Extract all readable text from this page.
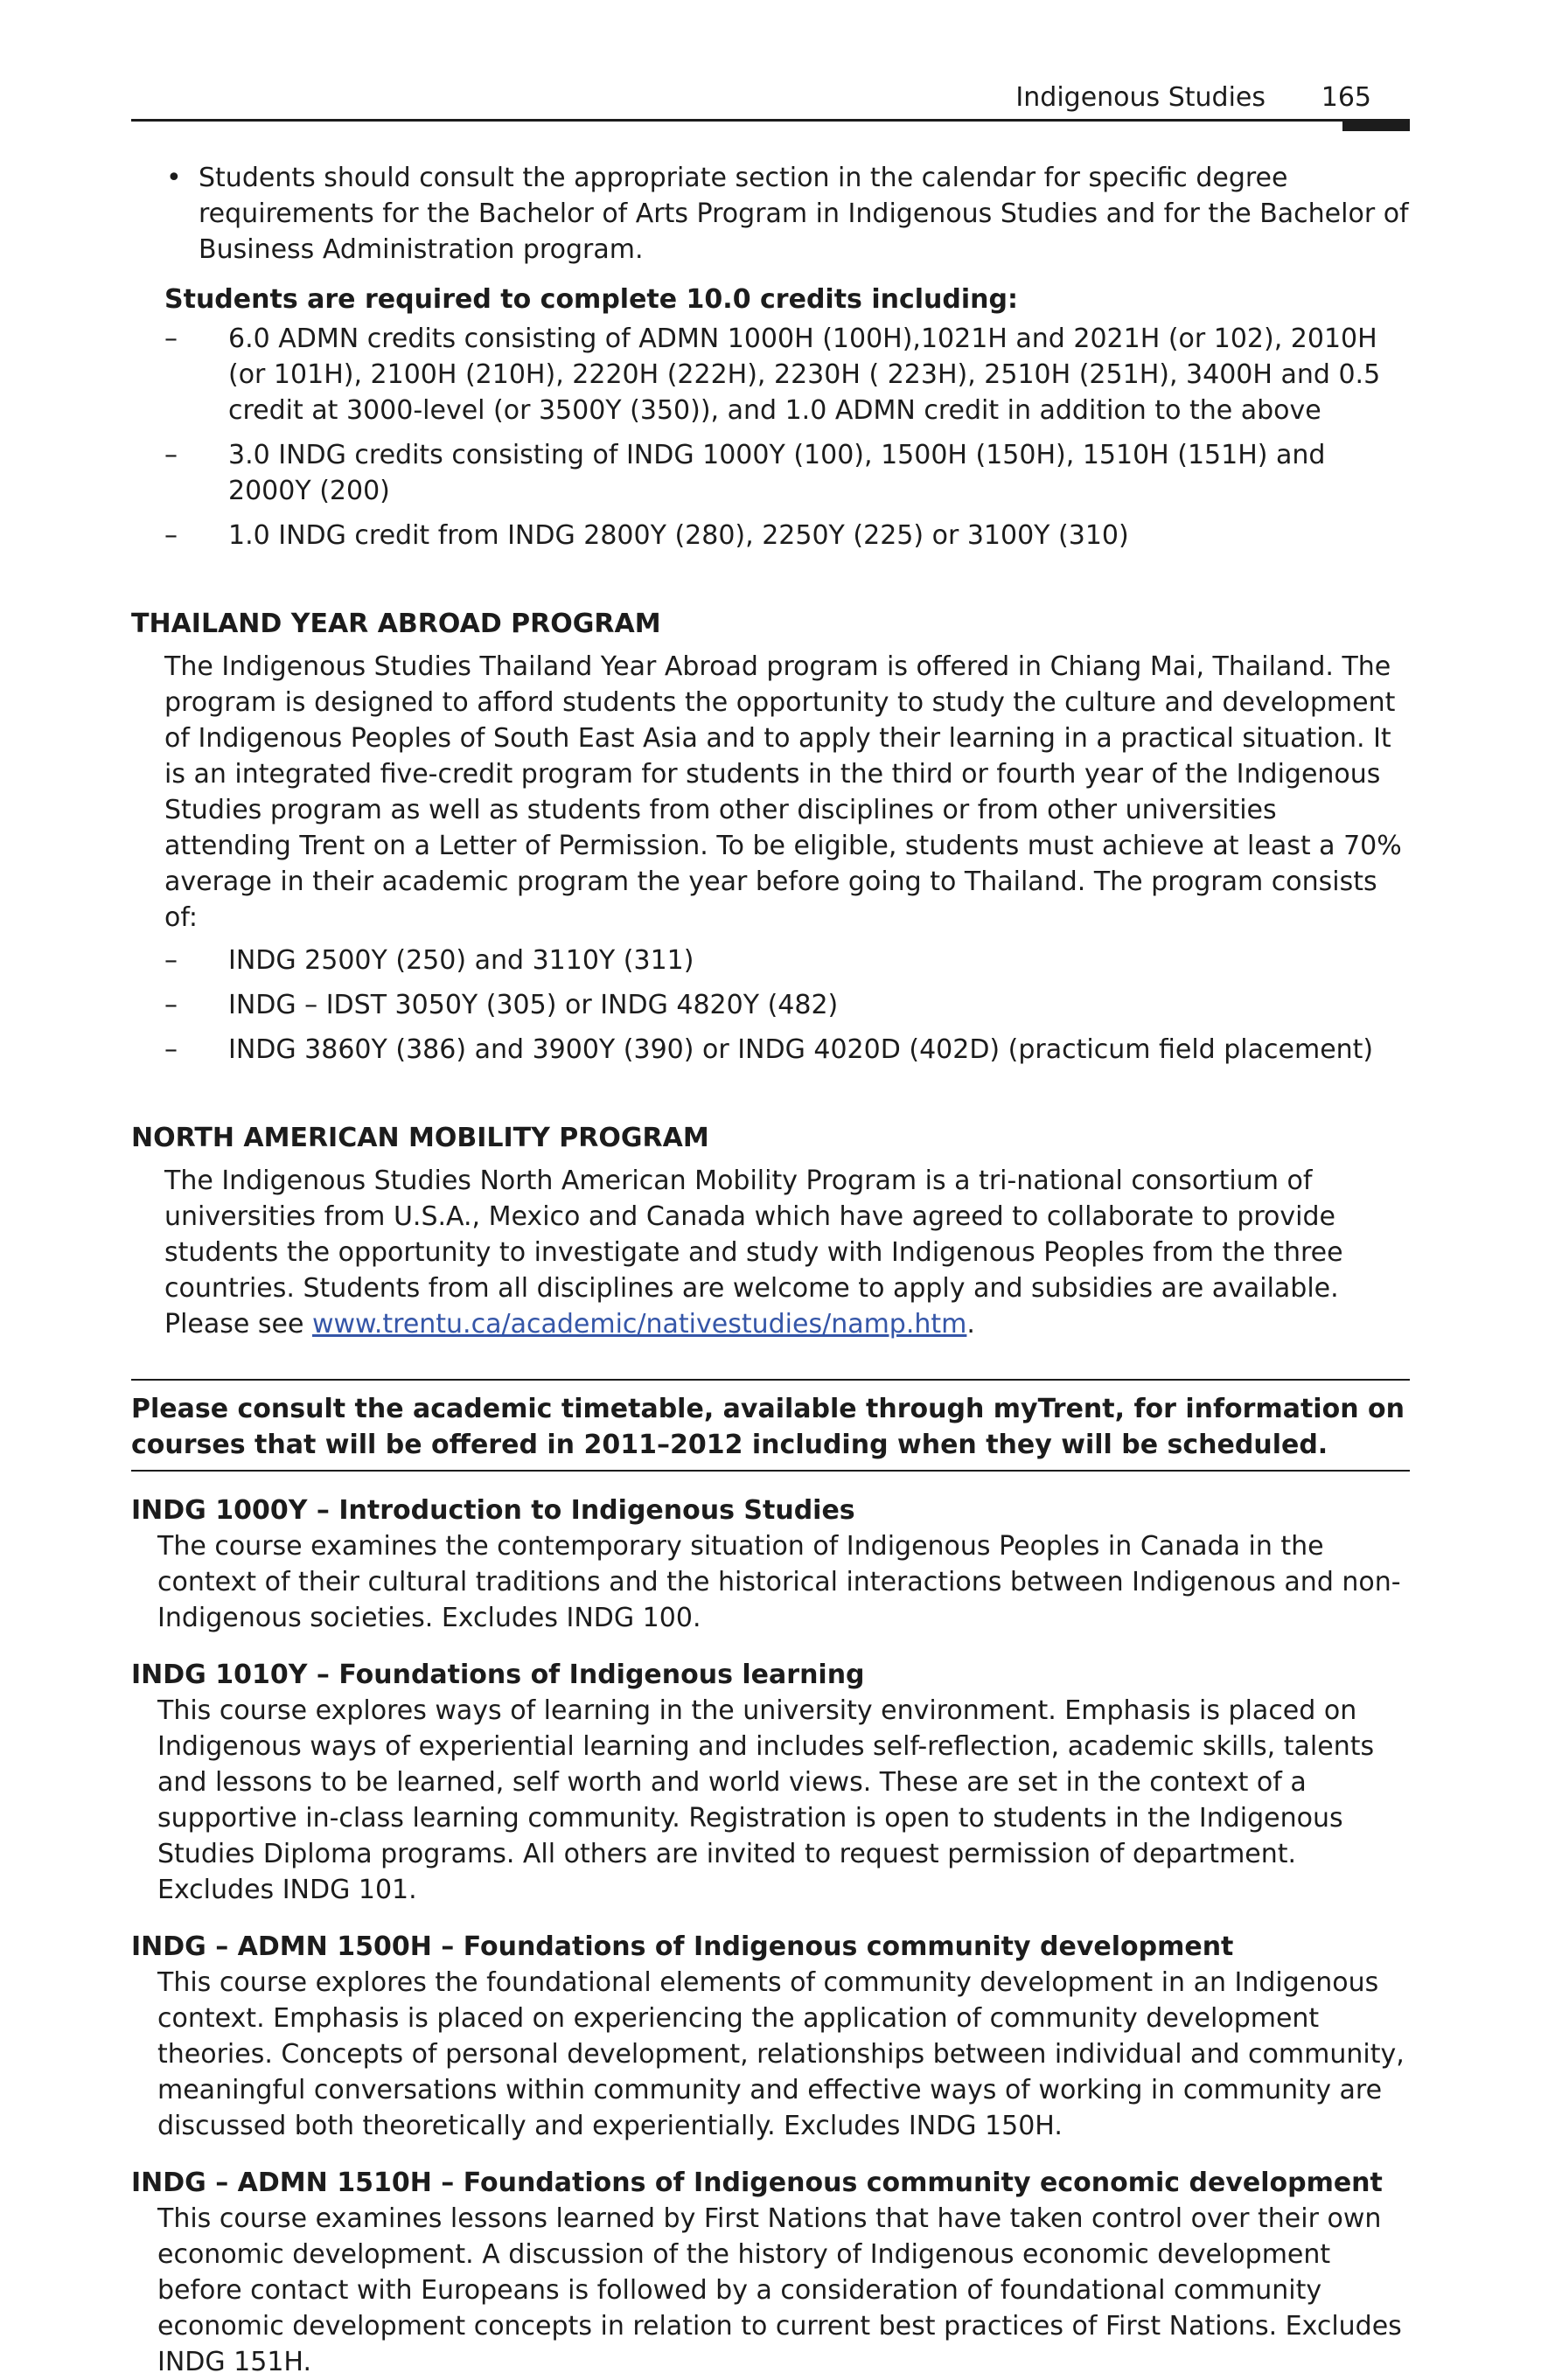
Indigenous Studies 165
• Students should consult the appropriate section in the calendar for specific degree requirements for the Bachelor of Arts Program in Indigenous Studies and for the Bachelor of Business Administration program.

Students are required to complete 10.0 credits including:

– 6.0 ADMN credits consisting of ADMN 1000H (100H),1021H and 2021H (or 102), 2010H (or 101H), 2100H (210H), 2220H (222H), 2230H ( 223H), 2510H (251H), 3400H and 0.5 credit at 3000-level (or 3500Y (350)), and 1.0 ADMN credit in addition to the above
– 3.0 INDG credits consisting of INDG 1000Y (100), 1500H (150H), 1510H (151H) and 2000Y (200)
– 1.0 INDG credit from INDG 2800Y (280), 2250Y (225) or 3100Y (310)
THAILAND YEAR ABROAD PROGRAM

The Indigenous Studies Thailand Year Abroad program is offered in Chiang Mai, Thailand. The program is designed to afford students the opportunity to study the culture and development of Indigenous Peoples of South East Asia and to apply their learning in a practical situation. It is an integrated five-credit program for students in the third or fourth year of the Indigenous Studies program as well as students from other disciplines or from other universities attending Trent on a Letter of Permission. To be eligible, students must achieve at least a 70% average in their academic program the year before going to Thailand. The program consists of:

– INDG 2500Y (250) and 3110Y (311)
– INDG – IDST 3050Y (305) or INDG 4820Y (482)
– INDG 3860Y (386) and 3900Y (390) or INDG 4020D (402D) (practicum field placement)
NORTH AMERICAN MOBILITY PROGRAM

The Indigenous Studies North American Mobility Program is a tri-national consortium of universities from U.S.A., Mexico and Canada which have agreed to collaborate to provide students the opportunity to investigate and study with Indigenous Peoples from the three countries. Students from all disciplines are welcome to apply and subsidies are available. Please see www.trentu.ca/academic/nativestudies/namp.htm.

Please consult the academic timetable, available through myTrent, for information on courses that will be offered in 2011–2012 including when they will be scheduled.

INDG 1000Y – Introduction to Indigenous Studies

The course examines the contemporary situation of Indigenous Peoples in Canada in the context of their cultural traditions and the historical interactions between Indigenous and non-Indigenous societies. Excludes INDG 100.

INDG 1010Y – Foundations of Indigenous learning

This course explores ways of learning in the university environment. Emphasis is placed on Indigenous ways of experiential learning and includes self-reflection, academic skills, talents and lessons to be learned, self worth and world views. These are set in the context of a supportive in-class learning community. Registration is open to students in the Indigenous Studies Diploma programs. All others are invited to request permission of department. Excludes INDG 101.

INDG – ADMN 1500H – Foundations of Indigenous community development

This course explores the foundational elements of community development in an Indigenous context. Emphasis is placed on experiencing the application of community development theories. Concepts of personal development, relationships between individual and community, meaningful conversations within community and effective ways of working in community are discussed both theoretically and experientially. Excludes INDG 150H.

INDG – ADMN 1510H – Foundations of Indigenous community economic development

This course examines lessons learned by First Nations that have taken control over their own economic development. A discussion of the history of Indigenous economic development before contact with Europeans is followed by a consideration of foundational community economic development concepts in relation to current best practices of First Nations. Excludes INDG 151H.
